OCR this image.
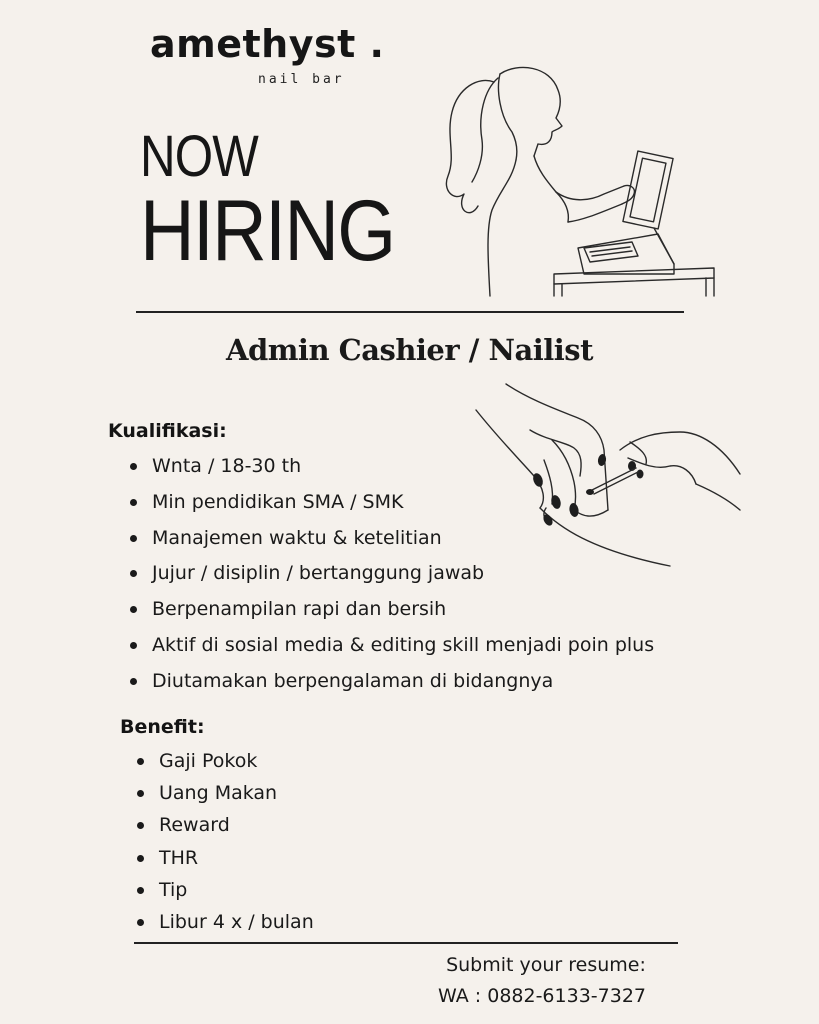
amethyst .
nail bar
NOW
HIRING
Admin Cashier / Nailist
Kualifikasi:
Wnta / 18-30 th
Min pendidikan SMA / SMK
Manajemen waktu & ketelitian
Jujur / disiplin / bertanggung jawab
Berpenampilan rapi dan bersih
Aktif di sosial media & editing skill menjadi poin plus
Diutamakan berpengalaman di bidangnya
Benefit:
Gaji Pokok
Uang Makan
Reward
THR
Tip
Libur 4 x / bulan
Submit your resume:
WA : 0882-6133-7327
